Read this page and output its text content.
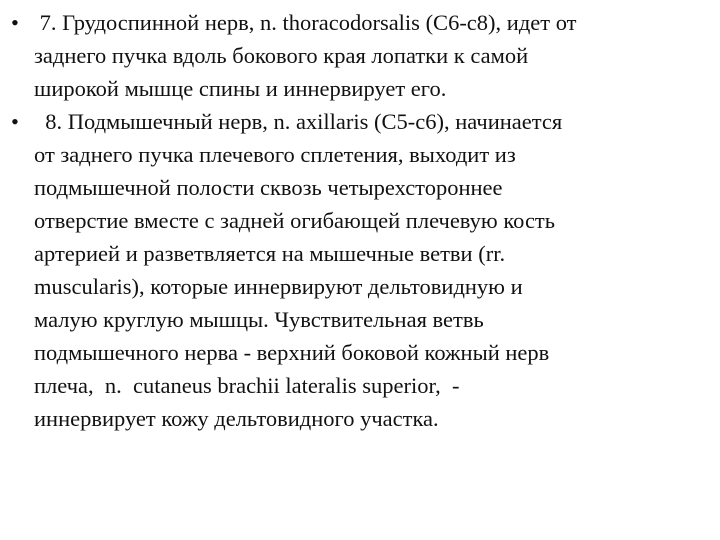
• 7. Грудоспинной нерв, n. thoracodorsalis (C6-c8), идет от
заднего пучка вдоль бокового края лопатки к самой
широкой мышце спины и иннервирует его.
• 8. Подмышечный нерв, n. axillaris (C5-c6), начинается
от заднего пучка плечевого сплетения, выходит из
подмышечной полости сквозь четырехстороннее
отверстие вместе с задней огибающей плечевую кость
артерией и разветвляется на мышечные ветви (rr.
muscularis), которые иннервируют дельтовидную и
малую круглую мышцы. Чувствительная ветвь
подмышечного нерва - верхний боковой кожный нерв
плеча,  n.  cutaneus brachii lateralis superior,  -
иннервирует кожу дельтовидного участка.
